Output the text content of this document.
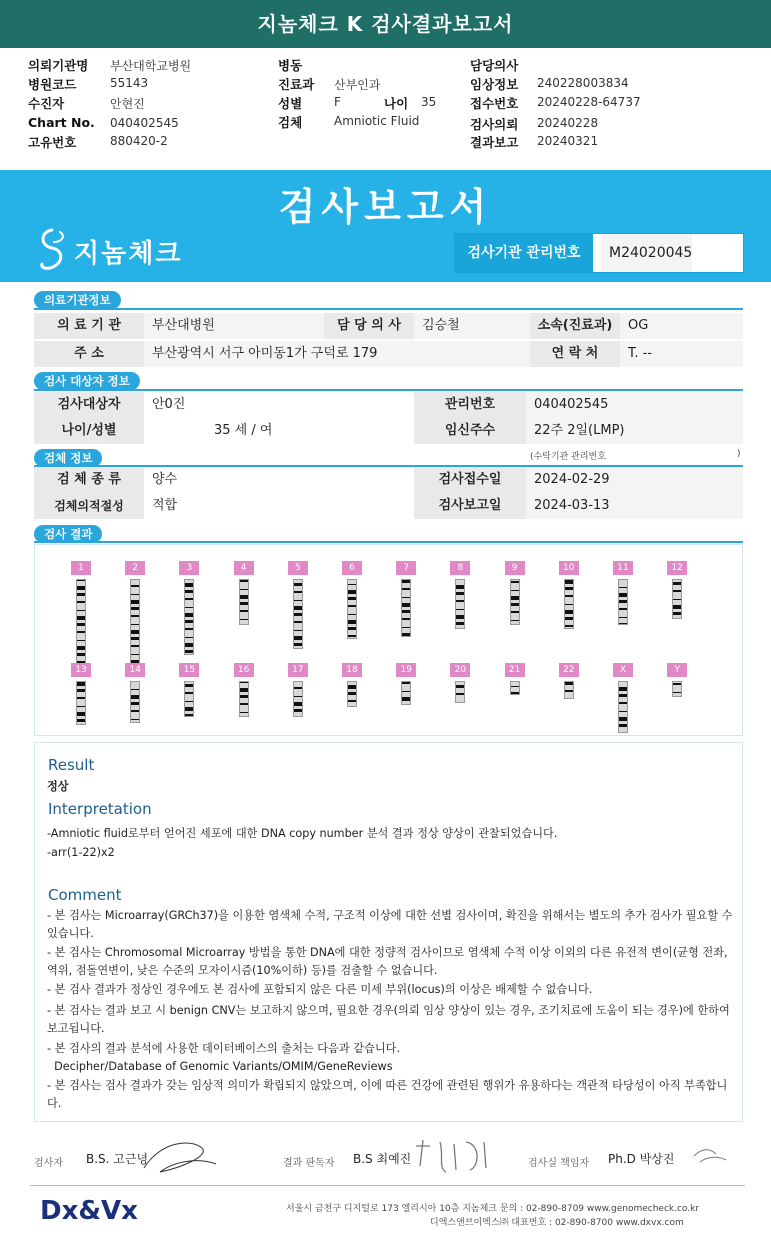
지놈체크 K 검사결과보고서
의뢰기관명 부산대학교병원
병원코드	55143
수진자	안현진
Chart No. 040402545
고유번호	880420-2
병동
진료과 산부인과
성별	F	나이 35
검체	Amniotic Fluid
담당의사
임상정보 240228003834
접수번호 20240228-64737
검사의뢰 20240228
결과보고 20240321
검사보고서
지놈체크	검사기관 관리번호	M24020045
의료기관정보
의 료 기 관	부산대병원	담 당 의 사	김승철	소속(진료과)	OG
주 소	부산광역시 서구 아미동1가 구덕로 179	연 락 처	T. --
검사 대상자 정보
검사대상자	안0진	관리번호	040402545
나이/성별	35 세 / 여	임신주수	22주 2일(LMP)
검체 정보	(수탁기관 관리번호	)
검 체 종 류	양수	검사접수일	2024-02-29
검체의적절성	적합	검사보고일	2024-03-13
검사 결과
1	2	3	4	5	6	7	8	9	10	11	12
13	14	15	16	17	18	19	20	21	22	X	Y
Result
정상
Interpretation
-Amniotic fluid로부터 얻어진 세포에 대한 DNA copy number 분석 결과 정상 양상이 관찰되었습니다.
-arr(1-22)x2
Comment
- 본 검사는 Microarray(GRCh37)을 이용한 염색체 수적, 구조적 이상에 대한 선별 검사이며, 확진을 위해서는 별도의 추가 검사가 필요할 수 있습니다.
- 본 검사는 Chromosomal Microarray 방법을 통한 DNA에 대한 정량적 검사이므로 염색체 수적 이상 이외의 다른 유전적 변이(균형 전좌, 역위, 점돌연변이, 낮은 수준의 모자이시즘(10%이하) 등)를 검출할 수 없습니다.
- 본 검사 결과가 정상인 경우에도 본 검사에 포함되지 않은 다른 미세 부위(locus)의 이상은 배제할 수 없습니다.
- 본 검사는 결과 보고 시 benign CNV는 보고하지 않으며, 필요한 경우(의뢰 임상 양상이 있는 경우, 조기치료에 도움이 되는 경우)에 한하여 보고됩니다.
- 본 검사의 결과 분석에 사용한 데이터베이스의 출처는 다음과 같습니다.
Decipher/Database of Genomic Variants/OMIM/GeneReviews
- 본 검사는 검사 결과가 갖는 임상적 의미가 확립되지 않았으며, 이에 따른 건강에 관련된 행위가 유용하다는 객관적 타당성이 아직 부족합니다.
검사자 B.S. 고근녕	결과 판독자 B.S 최예진	검사실 책임자 Ph.D 박상진
Dx&Vx	서울시 금천구 디지털로 173 엘리시아 10층 지놈체크 문의 : 02-890-8709 www.genomecheck.co.kr
디엑스앤브이엑스㈜ 대표번호 : 02-890-8700 www.dxvx.com
